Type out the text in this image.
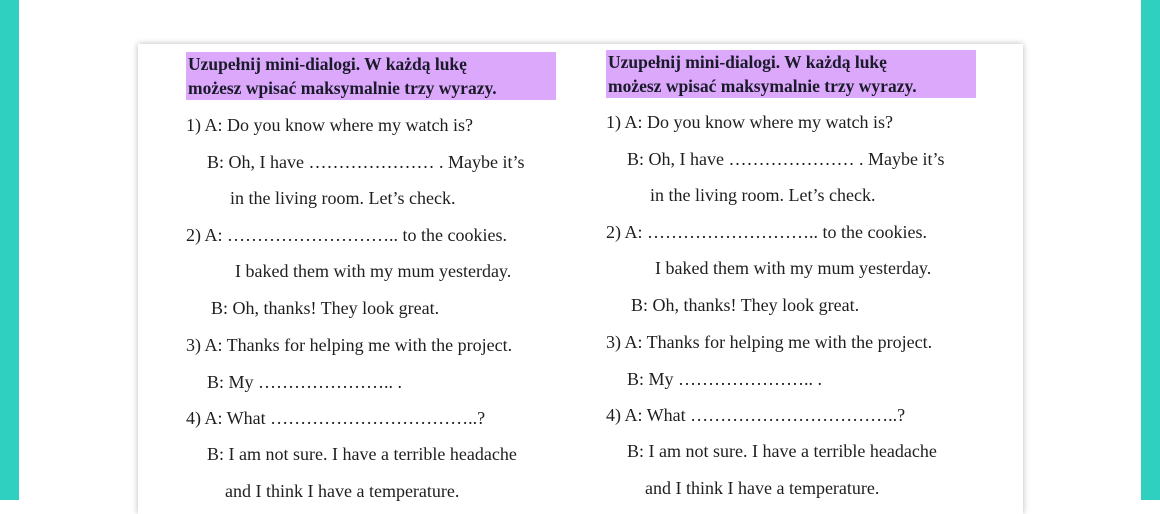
Uzupełnij mini-dialogi. W każdą lukę
możesz wpisać maksymalnie trzy wyrazy.
1) A: Do you know where my watch is?
B: Oh, I have ………………… . Maybe it’s
in the living room. Let’s check.
2) A: ……………………….. to the cookies.
I baked them with my mum yesterday.
B: Oh, thanks! They look great.
3) A: Thanks for helping me with the project.
B: My ………………….. .
4) A: What ……………………………..?
B: I am not sure. I have a terrible headache
and I think I have a temperature.
Uzupełnij mini-dialogi. W każdą lukę
możesz wpisać maksymalnie trzy wyrazy.
1) A: Do you know where my watch is?
B: Oh, I have ………………… . Maybe it’s
in the living room. Let’s check.
2) A: ……………………….. to the cookies.
I baked them with my mum yesterday.
B: Oh, thanks! They look great.
3) A: Thanks for helping me with the project.
B: My ………………….. .
4) A: What ……………………………..?
B: I am not sure. I have a terrible headache
and I think I have a temperature.
